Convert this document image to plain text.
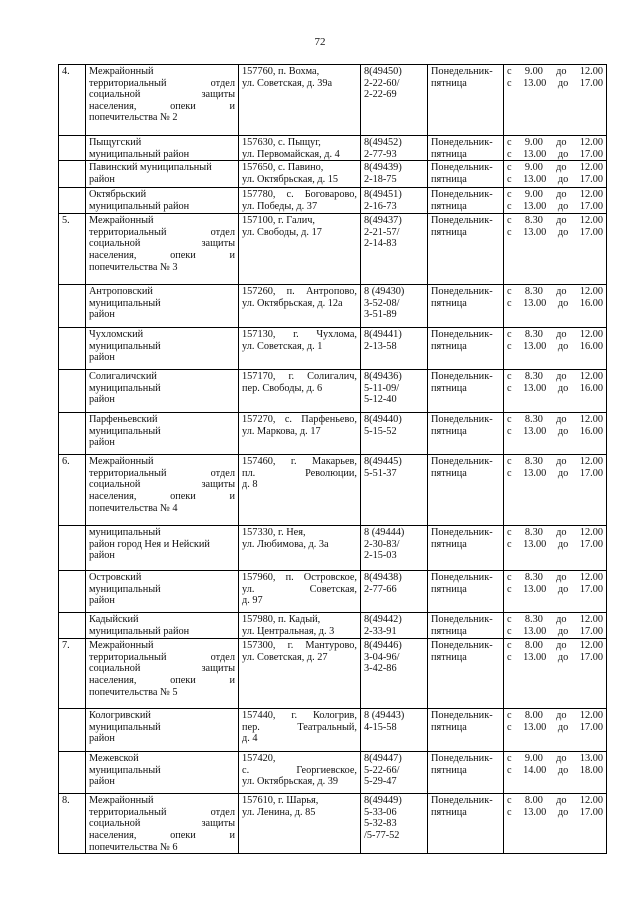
72
4.	Межрайонный
территориальный отдел
социальной защиты
населения, опеки и
попечительства № 2	157760, п. Вохма,
ул. Советская, д. 39а	8(49450)
2-22-60/
2-22-69	Понедельник-
пятница	с 9.00 до 12.00
с 13.00 до 17.00

	Пыщугский
муниципальный район	157630, с. Пыщуг,
ул. Первомайская, д. 4	8(49452)
2-77-93	Понедельник-
пятница	с 9.00 до 12.00
с 13.00 до 17.00

	Павинский муниципальный
район	157650, с. Павино,
ул. Октябрьская, д. 15	8(49439)
2-18-75	Понедельник-
пятница	с 9.00 до 12.00
с 13.00 до 17.00

	Октябрьский
муниципальный район	157780, с. Боговарово,
ул. Победы, д. 37	8(49451)
2-16-73	Понедельник-
пятница	с 9.00 до 12.00
с 13.00 до 17.00

5.	Межрайонный
территориальный отдел
социальной защиты
населения, опеки и
попечительства № 3	157100, г. Галич,
ул. Свободы, д. 17	8(49437)
2-21-57/
2-14-83	Понедельник-
пятница	с 8.30 до 12.00
с 13.00 до 17.00

	Антроповский
муниципальный
район	157260, п. Антропово,
ул. Октябрьская, д. 12а	8 (49430)
3-52-08/
3-51-89	Понедельник-
пятница	с 8.30 до 12.00
с 13.00 до 16.00

	Чухломский
муниципальный
район	157130, г. Чухлома,
ул. Советская, д. 1	8(49441)
2-13-58	Понедельник-
пятница	с 8.30 до 12.00
с 13.00 до 16.00

	Солигаличский
муниципальный
район	157170, г. Солигалич,
пер. Свободы, д. 6	8(49436)
5-11-09/
5-12-40	Понедельник-
пятница	с 8.30 до 12.00
с 13.00 до 16.00

	Парфеньевский
муниципальный
район	157270, с. Парфеньево,
ул. Маркова, д. 17	8(49440)
5-15-52	Понедельник-
пятница	с 8.30 до 12.00
с 13.00 до 16.00

6.	Межрайонный
территориальный отдел
социальной защиты
населения, опеки и
попечительства № 4	157460, г. Макарьев,
пл. Революции,
д. 8	8(49445)
5-51-37	Понедельник-
пятница	с 8.30 до 12.00
с 13.00 до 17.00

	муниципальный
район город Нея и Нейский
район	157330, г. Нея,
ул. Любимова, д. 3а	8 (49444)
2-30-83/
2-15-03	Понедельник-
пятница	с 8.30 до 12.00
с 13.00 до 17.00

	Островский
муниципальный
район	157960, п. Островское,
ул. Советская,
д. 97	8(49438)
2-77-66	Понедельник-
пятница	с 8.30 до 12.00
с 13.00 до 17.00

	Кадыйский
муниципальный район	157980, п. Кадый,
ул. Центральная, д. 3	8(49442)
2-33-91	Понедельник-
пятница	с 8.30 до 12.00
с 13.00 до 17.00

7.	Межрайонный
территориальный отдел
социальной защиты
населения, опеки и
попечительства № 5	157300, г. Мантурово,
ул. Советская, д. 27	8(49446)
3-04-96/
3-42-86	Понедельник-
пятница	с 8.00 до 12.00
с 13.00 до 17.00

	Кологривский
муниципальный
район	157440, г. Кологрив,
пер. Театральный,
д. 4	8 (49443)
4-15-58	Понедельник-
пятница	с 8.00 до 12.00
с 13.00 до 17.00

	Межевской
муниципальный
район	157420,
с. Георгиевское,
ул. Октябрьская, д. 39	8(49447)
5-22-66/
5-29-47	Понедельник-
пятница	с 9.00 до 13.00
с 14.00 до 18.00

8.	Межрайонный
территориальный отдел
социальной защиты
населения, опеки и
попечительства № 6	157610, г. Шарья,
ул. Ленина, д. 85	8(49449)
5-33-06
5-32-83
/5-77-52	Понедельник-
пятница	с 8.00 до 12.00
с 13.00 до 17.00
